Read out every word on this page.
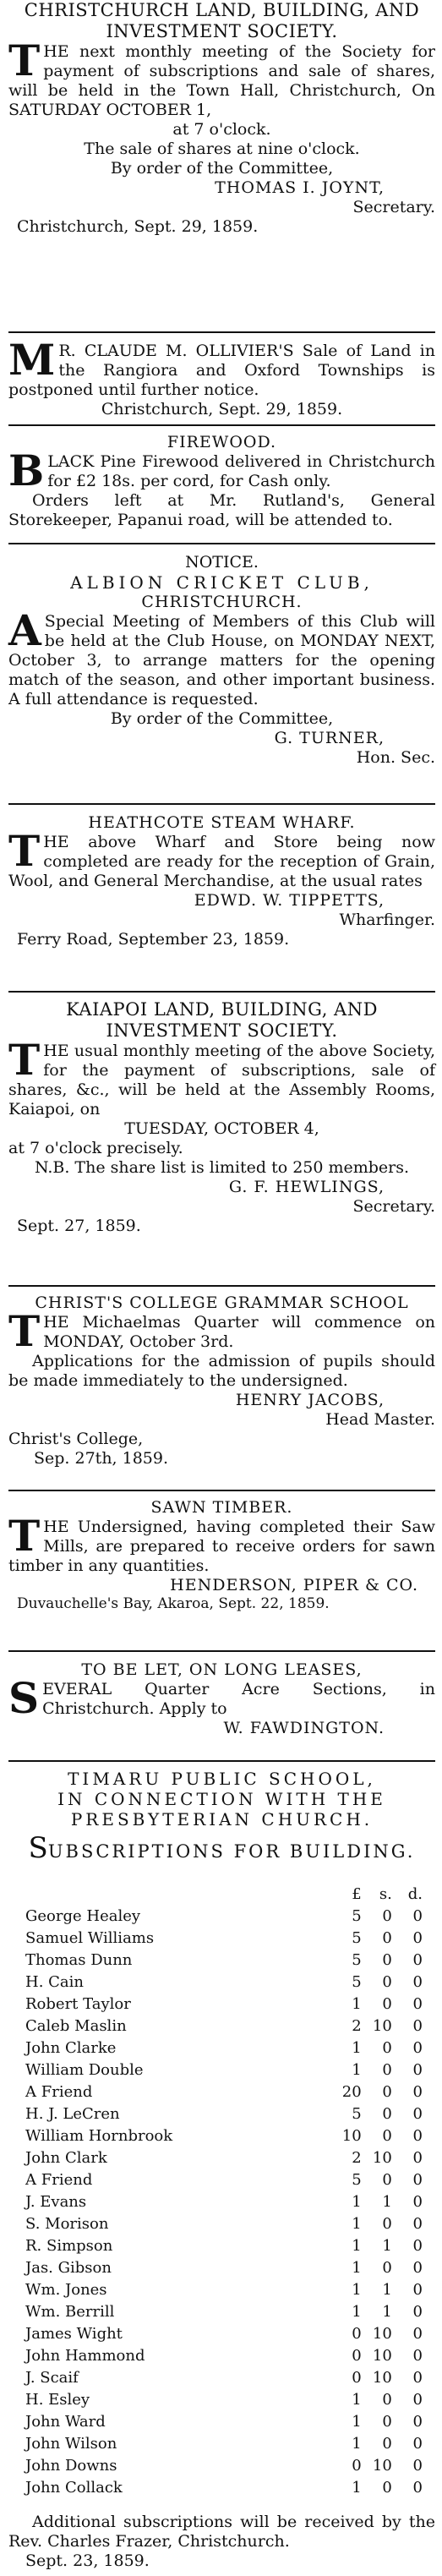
CHRISTCHURCH LAND, BUILDING, AND

INVESTMENT SOCIETY.

THE next monthly meeting of the Society for payment of subscriptions and sale of shares, will be held in the Town Hall, Christchurch, On SATURDAY OCTOBER 1,

at 7 o'clock.

The sale of shares at nine o'clock.

By order of the Committee,

THOMAS I. JOYNT,

Secretary.

Christchurch, Sept. 29, 1859.

M R. CLAUDE M. OLLIVIER'S Sale of Land in the Rangiora and Oxford Townships is postponed until further notice.

Christchurch, Sept. 29, 1859.

FIREWOOD.

BLACK Pine Firewood delivered in Christchurch for £2 18s. per cord, for Cash only.

Orders left at Mr. Rutland's, General Storekeeper, Papanui road, will be attended to.

NOTICE.

ALBION CRICKET CLUB,

CHRISTCHURCH.

A Special Meeting of Members of this Club will be held at the Club House, on MONDAY NEXT, October 3, to arrange matters for the opening match of the season, and other important business. A full attendance is requested.

By order of the Committee,

G. TURNER,

Hon. Sec.

HEATHCOTE STEAM WHARF.

THE above Wharf and Store being now completed are ready for the reception of Grain, Wool, and General Merchandise, at the usual rates

EDWD. W. TIPPETTS,

Wharfinger.

Ferry Road, September 23, 1859.

KAIAPOI LAND, BUILDING, AND

INVESTMENT SOCIETY.

THE usual monthly meeting of the above Society, for the payment of subscriptions, sale of shares, &c., will be held at the Assembly Rooms, Kaiapoi, on

TUESDAY, OCTOBER 4,

at 7 o'clock precisely.

N.B. The share list is limited to 250 members.

G. F. HEWLINGS,

Secretary.

Sept. 27, 1859.

CHRIST'S COLLEGE GRAMMAR SCHOOL

THE Michaelmas Quarter will commence on MONDAY, October 3rd.

Applications for the admission of pupils should be made immediately to the undersigned.

HENRY JACOBS,

Head Master.

Christ's College,

Sep. 27th, 1859.

SAWN TIMBER.

THE Undersigned, having completed their Saw Mills, are prepared to receive orders for sawn timber in any quantities.

HENDERSON, PIPER & CO.

Duvauchelle's Bay, Akaroa, Sept. 22, 1859.

TO BE LET, ON LONG LEASES,

SEVERAL Quarter Acre Sections, in Christchurch. Apply to

W. FAWDINGTON.

TIMARU PUBLIC SCHOOL,

IN CONNECTION WITH THE

PRESBYTERIAN CHURCH.

SUBSCRIPTIONS FOR BUILDING.

	£	s.	d.
George Healey	5	0	0
Samuel Williams	5	0	0
Thomas Dunn	5	0	0
H. Cain	5	0	0
Robert Taylor	1	0	0
Caleb Maslin	2	10	0
John Clarke	1	0	0
William Double	1	0	0
A Friend	20	0	0
H. J. LeCren	5	0	0
William Hornbrook	10	0	0
John Clark	2	10	0
A Friend	5	0	0
J. Evans	1	1	0
S. Morison	1	0	0
R. Simpson	1	1	0
Jas. Gibson	1	0	0
Wm. Jones	1	1	0
Wm. Berrill	1	1	0
James Wight	0	10	0
John Hammond	0	10	0
J. Scaif	0	10	0
H. Esley	1	0	0
John Ward	1	0	0
John Wilson	1	0	0
John Downs	0	10	0
John Collack	1	0	0

Additional subscriptions will be received by the Rev. Charles Frazer, Christchurch.

Sept. 23, 1859.
